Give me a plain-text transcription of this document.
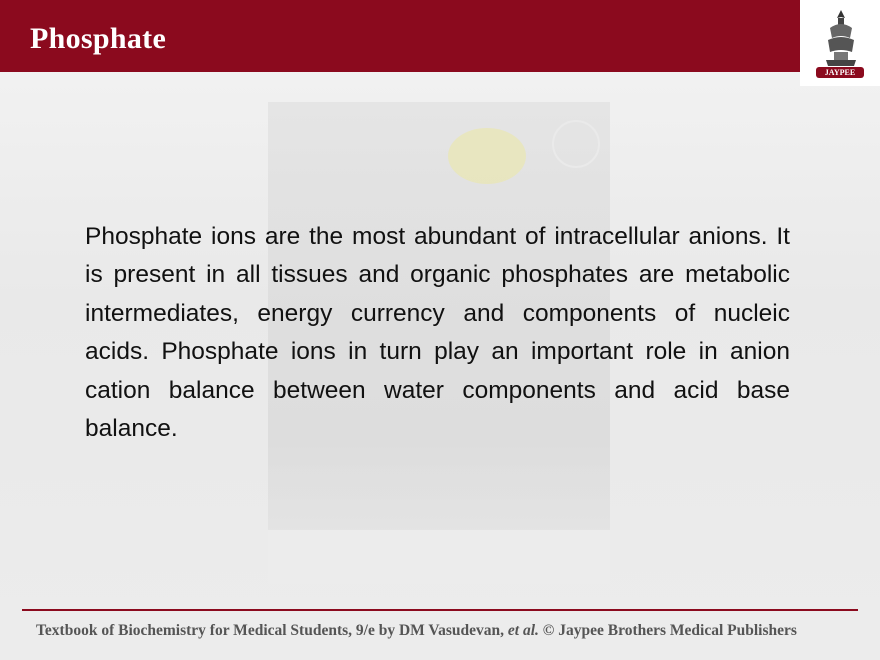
Phosphate
JAYPEE
Phosphate ions are the most abundant of intracellular anions. It is present in all tissues and organic phosphates are metabolic intermediates, energy currency and components of nucleic acids. Phosphate ions in turn play an important role in anion cation balance between water components and acid base balance.
Textbook of Biochemistry for Medical Students, 9/e by DM Vasudevan, et al. © Jaypee Brothers Medical Publishers
